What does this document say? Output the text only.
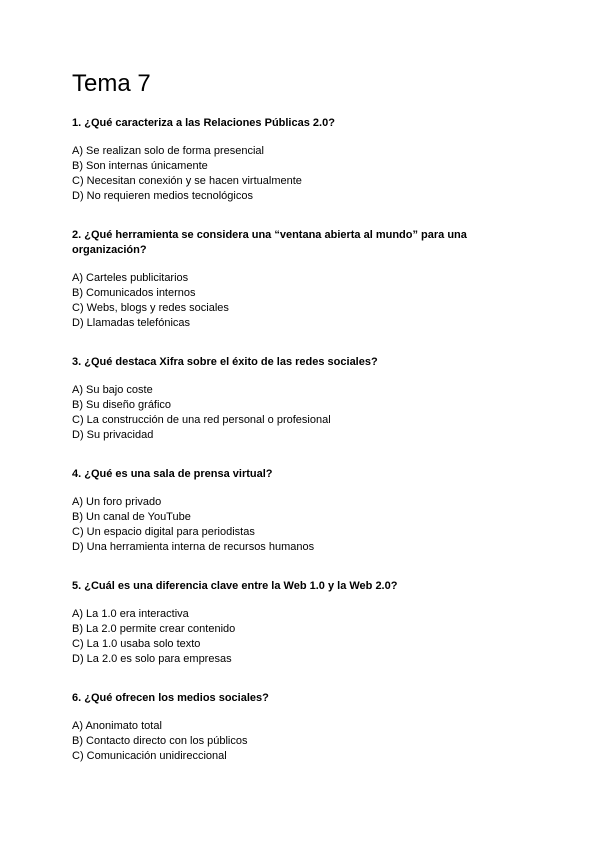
Tema 7

1. ¿Qué caracteriza a las Relaciones Públicas 2.0?

A) Se realizan solo de forma presencial
B) Son internas únicamente
C) Necesitan conexión y se hacen virtualmente
D) No requieren medios tecnológicos

2. ¿Qué herramienta se considera una “ventana abierta al mundo” para una organización?

A) Carteles publicitarios
B) Comunicados internos
C) Webs, blogs y redes sociales
D) Llamadas telefónicas

3. ¿Qué destaca Xifra sobre el éxito de las redes sociales?

A) Su bajo coste
B) Su diseño gráfico
C) La construcción de una red personal o profesional
D) Su privacidad

4. ¿Qué es una sala de prensa virtual?

A) Un foro privado
B) Un canal de YouTube
C) Un espacio digital para periodistas
D) Una herramienta interna de recursos humanos

5. ¿Cuál es una diferencia clave entre la Web 1.0 y la Web 2.0?

A) La 1.0 era interactiva
B) La 2.0 permite crear contenido
C) La 1.0 usaba solo texto
D) La 2.0 es solo para empresas

6. ¿Qué ofrecen los medios sociales?

A) Anonimato total
B) Contacto directo con los públicos
C) Comunicación unidireccional
